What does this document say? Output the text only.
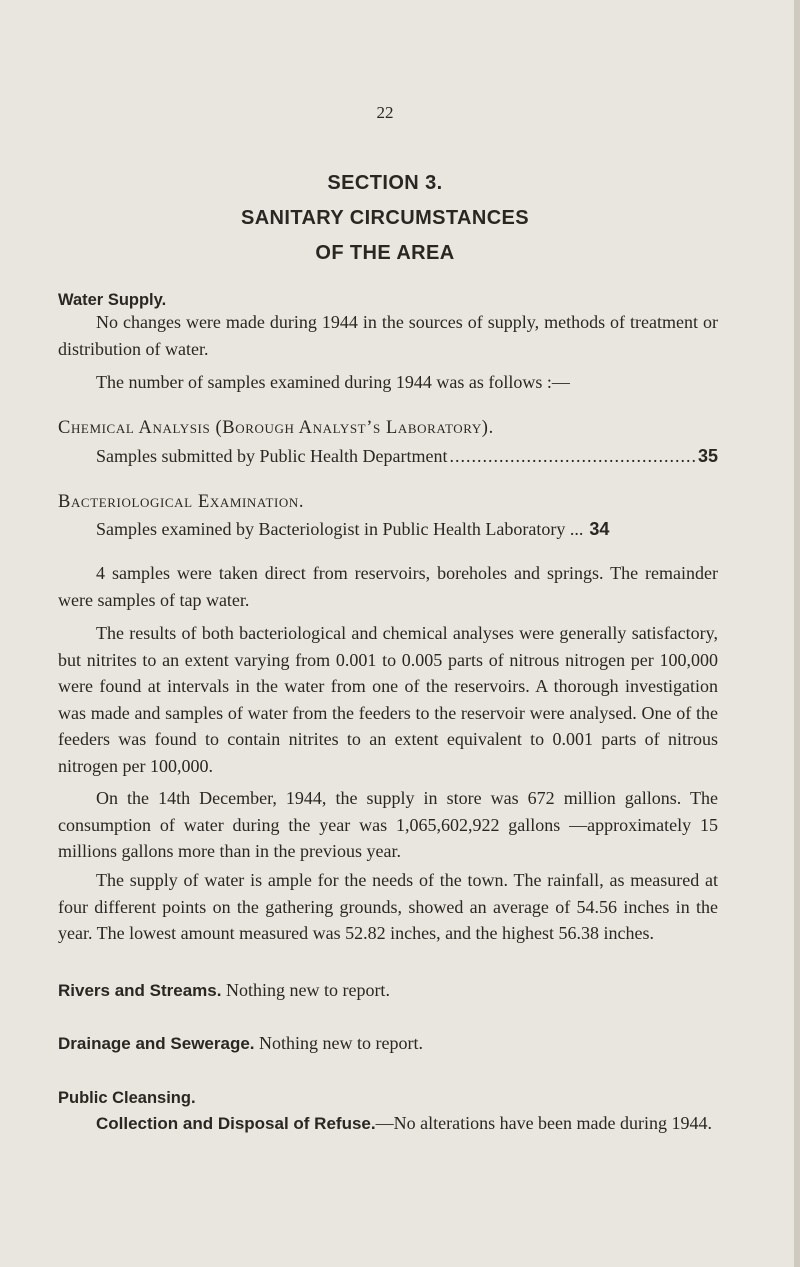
22
SECTION 3.
SANITARY CIRCUMSTANCES
OF THE AREA
Water Supply.

No changes were made during 1944 in the sources of supply, methods of treatment or distribution of water.

The number of samples examined during 1944 was as follows :—

Chemical Analysis (Borough Analyst’s Laboratory).
Samples submitted by Public Health Department
.....	35
Bacteriological Examination.
Samples examined by Bacteriologist in Public Health Laboratory ... 34

4 samples were taken direct from reservoirs, boreholes and springs. The remainder were samples of tap water.

The results of both bacteriological and chemical analyses were generally satisfactory, but nitrites to an extent varying from 0.001 to 0.005 parts of nitrous nitrogen per 100,000 were found at intervals in the water from one of the reservoirs. A thorough investigation was made and samples of water from the feeders to the reservoir were analysed. One of the feeders was found to contain nitrites to an extent equivalent to 0.001 parts of nitrous nitrogen per 100,000.

On the 14th December, 1944, the supply in store was 672 million gallons. The consumption of water during the year was 1,065,602,922 gallons —approximately 15 millions gallons more than in the previous year.

The supply of water is ample for the needs of the town. The rainfall, as measured at four different points on the gathering grounds, showed an average of 54.56 inches in the year. The lowest amount measured was 52.82 inches, and the highest 56.38 inches.

Rivers and Streams. Nothing new to report.

Drainage and Sewerage. Nothing new to report.

Public Cleansing.

Collection and Disposal of Refuse.—No alterations have been made during 1944.
